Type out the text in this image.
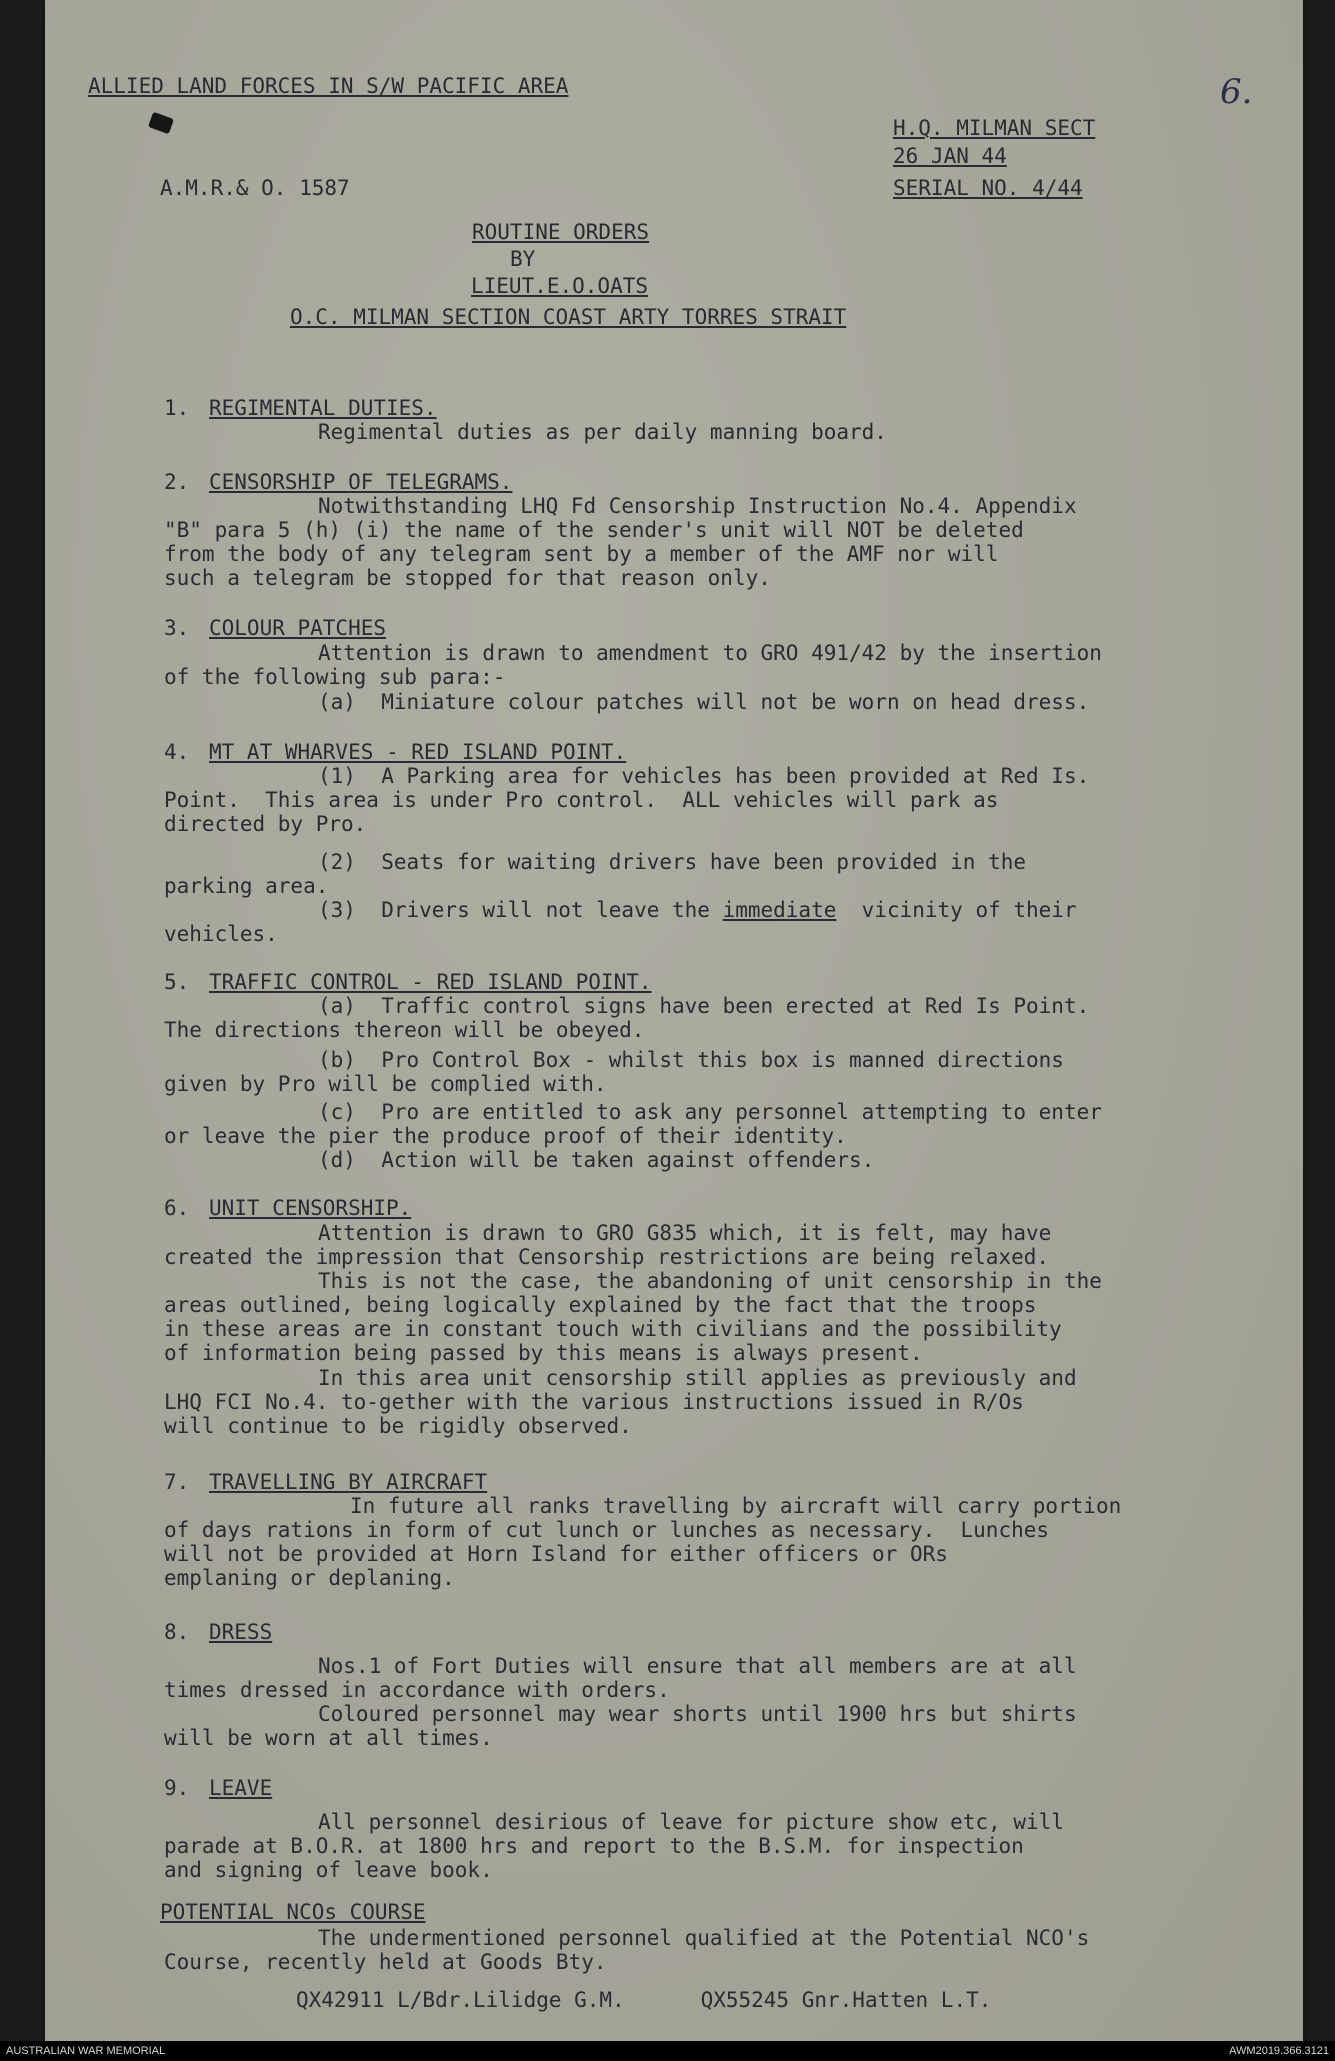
6.
ALLIED LAND FORCES IN S/W PACIFIC AREA
H.Q. MILMAN SECT
26 JAN 44
A.M.R.& O. 1587	SERIAL NO. 4/44
ROUTINE ORDERS
BY
LIEUT.E.O.OATS
O.C. MILMAN SECTION COAST ARTY TORRES STRAIT
1. REGIMENTAL DUTIES.
Regimental duties as per daily manning board.
2. CENSORSHIP OF TELEGRAMS.
Notwithstanding LHQ Fd Censorship Instruction No.4. Appendix
"B" para 5 (h) (i) the name of the sender's unit will NOT be deleted
from the body of any telegram sent by a member of the AMF nor will
such a telegram be stopped for that reason only.
3. COLOUR PATCHES
Attention is drawn to amendment to GRO 491/42 by the insertion
of the following sub para:-
(a)  Miniature colour patches will not be worn on head dress.
4. MT AT WHARVES - RED ISLAND POINT.
(1)  A Parking area for vehicles has been provided at Red Is.
Point.  This area is under Pro control.  ALL vehicles will park as
directed by Pro.
(2)  Seats for waiting drivers have been provided in the
parking area.
(3)  Drivers will not leave the immediate  vicinity of their
vehicles.
5. TRAFFIC CONTROL - RED ISLAND POINT.
(a)  Traffic control signs have been erected at Red Is Point.
The directions thereon will be obeyed.
(b)  Pro Control Box - whilst this box is manned directions
given by Pro will be complied with.
(c)  Pro are entitled to ask any personnel attempting to enter
or leave the pier the produce proof of their identity.
(d)  Action will be taken against offenders.
6. UNIT CENSORSHIP.
Attention is drawn to GRO G835 which, it is felt, may have
created the impression that Censorship restrictions are being relaxed.
This is not the case, the abandoning of unit censorship in the
areas outlined, being logically explained by the fact that the troops
in these areas are in constant touch with civilians and the possibility
of information being passed by this means is always present.
In this area unit censorship still applies as previously and
LHQ FCI No.4. to-gether with the various instructions issued in R/Os
will continue to be rigidly observed.
7. TRAVELLING BY AIRCRAFT
In future all ranks travelling by aircraft will carry portion
of days rations in form of cut lunch or lunches as necessary.  Lunches
will not be provided at Horn Island for either officers or ORs
emplaning or deplaning.
8. DRESS
Nos.1 of Fort Duties will ensure that all members are at all
times dressed in accordance with orders.
Coloured personnel may wear shorts until 1900 hrs but shirts
will be worn at all times.
9. LEAVE
All personnel desirious of leave for picture show etc, will
parade at B.O.R. at 1800 hrs and report to the B.S.M. for inspection
and signing of leave book.
POTENTIAL NCOs COURSE
The undermentioned personnel qualified at the Potential NCO's
Course, recently held at Goods Bty.
QX42911 L/Bdr.Lilidge G.M.      QX55245 Gnr.Hatten L.T.
AUSTRALIAN WAR MEMORIAL	AWM2019.366.3121
